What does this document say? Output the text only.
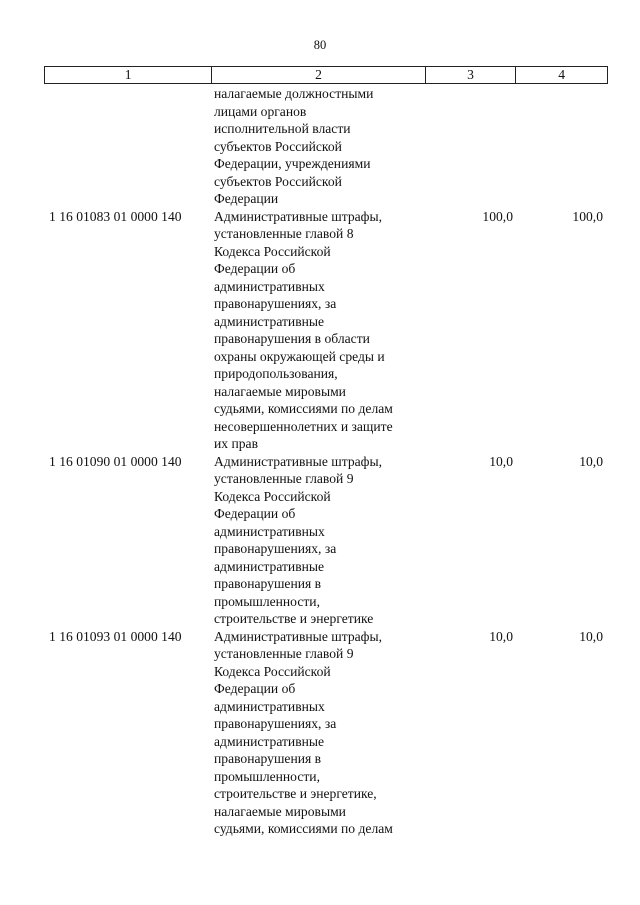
80
1	2	3	4
налагаемые должностными
лицами органов
исполнительной власти
субъектов Российской
Федерации, учреждениями
субъектов Российской
Федерации
1 16 01083 01 0000 140	Административные штрафы,
установленные главой 8
Кодекса Российской
Федерации об
административных
правонарушениях, за
административные
правонарушения в области
охраны окружающей среды и
природопользования,
налагаемые мировыми
судьями, комиссиями по делам
несовершеннолетних и защите
их прав
100,0	100,0
1 16 01090 01 0000 140	Административные штрафы,
установленные главой 9
Кодекса Российской
Федерации об
административных
правонарушениях, за
административные
правонарушения в
промышленности,
строительстве и энергетике
10,0	10,0
1 16 01093 01 0000 140	Административные штрафы,
установленные главой 9
Кодекса Российской
Федерации об
административных
правонарушениях, за
административные
правонарушения в
промышленности,
строительстве и энергетике,
налагаемые мировыми
судьями, комиссиями по делам
10,0	10,0
